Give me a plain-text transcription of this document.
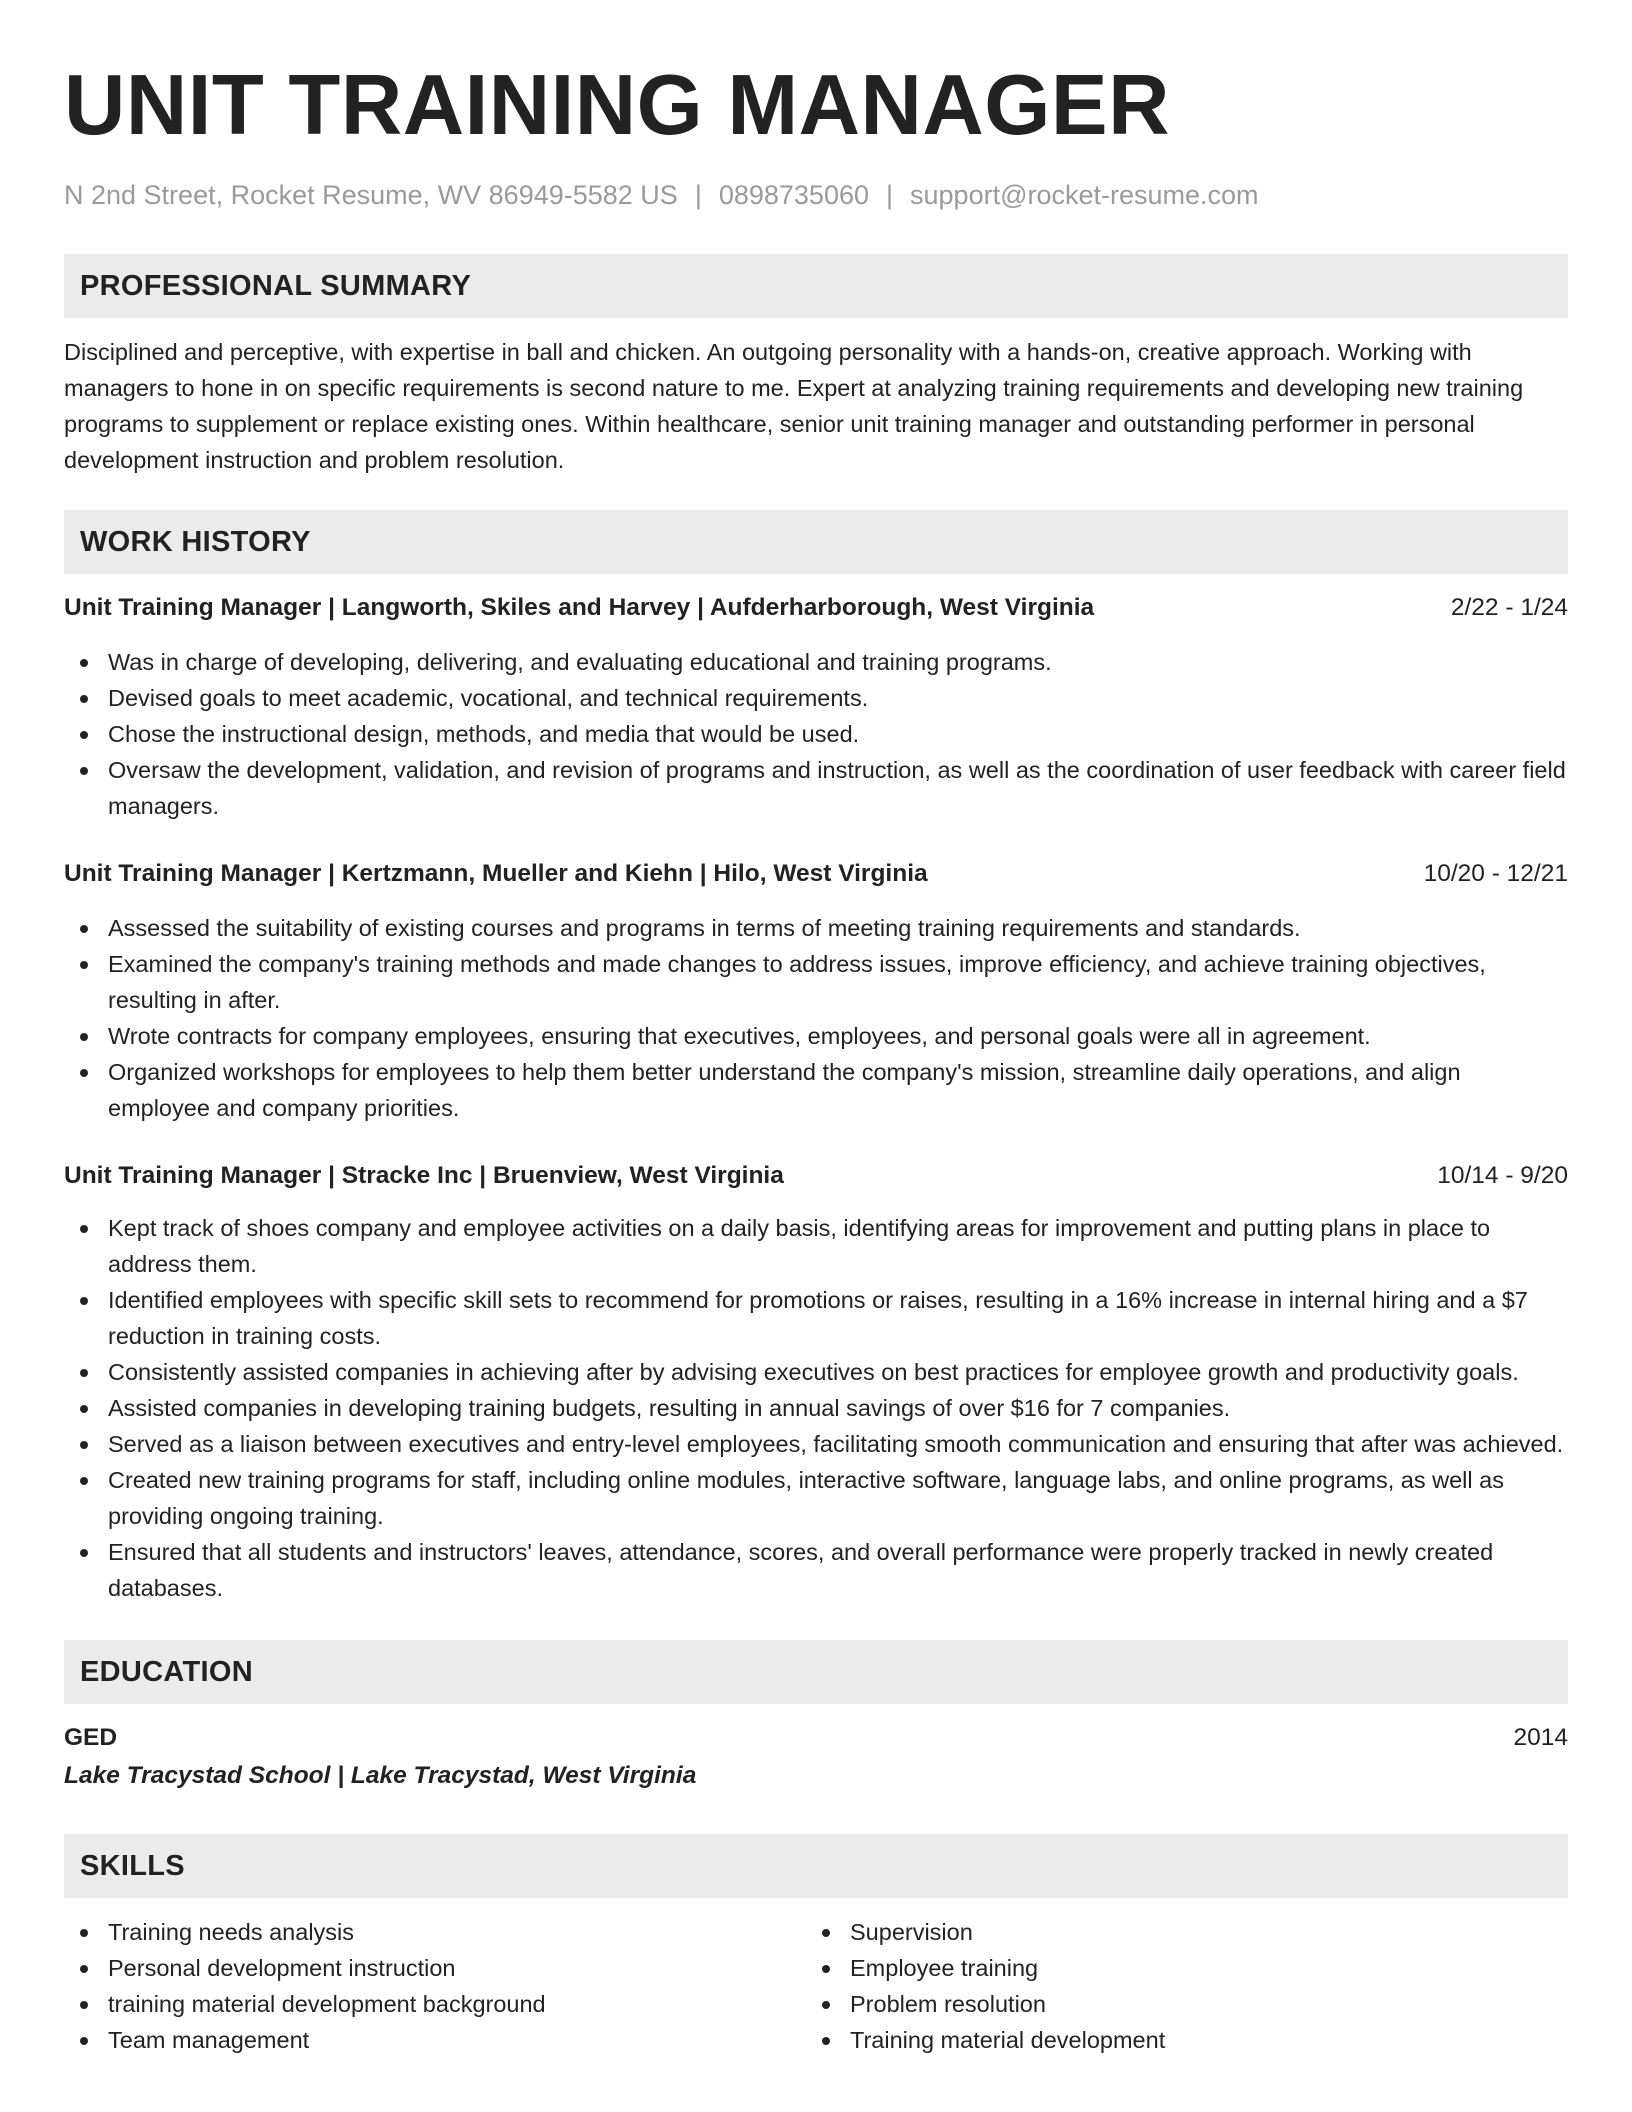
UNIT TRAINING MANAGER
N 2nd Street, Rocket Resume, WV 86949-5582 US | 0898735060 | support@rocket-resume.com
PROFESSIONAL SUMMARY
Disciplined and perceptive, with expertise in ball and chicken. An outgoing personality with a hands-on, creative approach. Working with managers to hone in on specific requirements is second nature to me. Expert at analyzing training requirements and developing new training programs to supplement or replace existing ones. Within healthcare, senior unit training manager and outstanding performer in personal development instruction and problem resolution.
WORK HISTORY
Unit Training Manager | Langworth, Skiles and Harvey | Aufderharborough, West Virginia	2/22 - 1/24
Was in charge of developing, delivering, and evaluating educational and training programs.
Devised goals to meet academic, vocational, and technical requirements.
Chose the instructional design, methods, and media that would be used.
Oversaw the development, validation, and revision of programs and instruction, as well as the coordination of user feedback with career field managers.
Unit Training Manager | Kertzmann, Mueller and Kiehn | Hilo, West Virginia	10/20 - 12/21
Assessed the suitability of existing courses and programs in terms of meeting training requirements and standards.
Examined the company's training methods and made changes to address issues, improve efficiency, and achieve training objectives, resulting in after.
Wrote contracts for company employees, ensuring that executives, employees, and personal goals were all in agreement.
Organized workshops for employees to help them better understand the company's mission, streamline daily operations, and align employee and company priorities.
Unit Training Manager | Stracke Inc | Bruenview, West Virginia	10/14 - 9/20
Kept track of shoes company and employee activities on a daily basis, identifying areas for improvement and putting plans in place to address them.
Identified employees with specific skill sets to recommend for promotions or raises, resulting in a 16% increase in internal hiring and a $7 reduction in training costs.
Consistently assisted companies in achieving after by advising executives on best practices for employee growth and productivity goals.
Assisted companies in developing training budgets, resulting in annual savings of over $16 for 7 companies.
Served as a liaison between executives and entry-level employees, facilitating smooth communication and ensuring that after was achieved.
Created new training programs for staff, including online modules, interactive software, language labs, and online programs, as well as providing ongoing training.
Ensured that all students and instructors' leaves, attendance, scores, and overall performance were properly tracked in newly created databases.
EDUCATION
GED	2014
Lake Tracystad School | Lake Tracystad, West Virginia
SKILLS
Training needs analysis
Personal development instruction
training material development background
Team management
Supervision
Employee training
Problem resolution
Training material development
